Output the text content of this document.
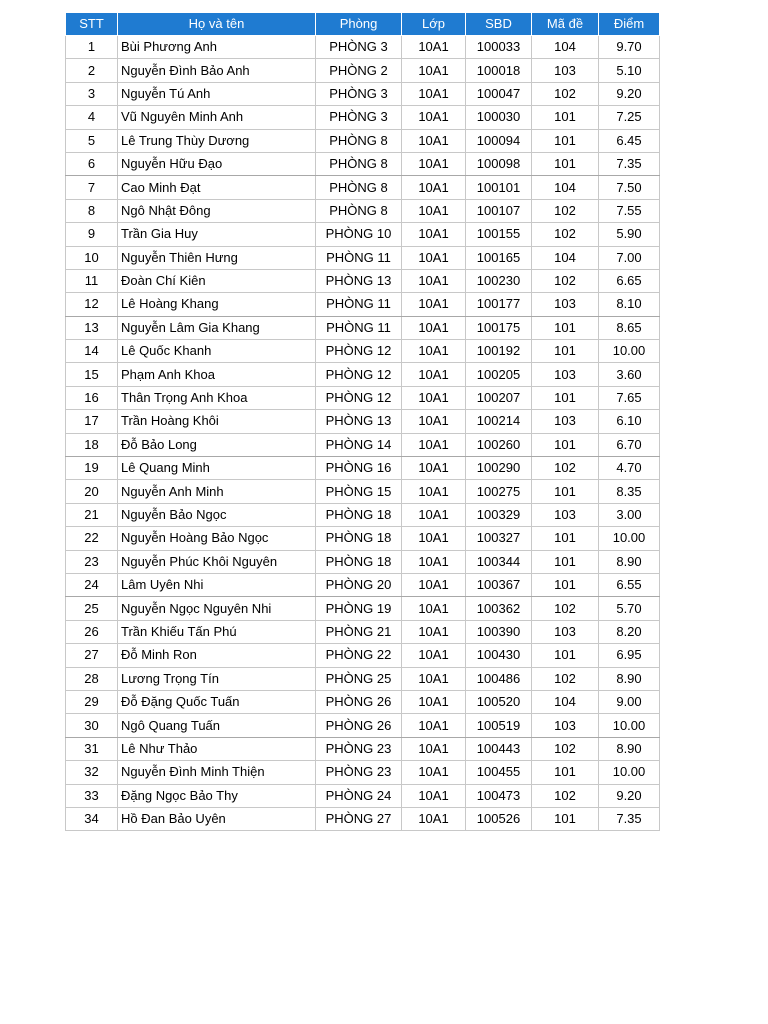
STT	Họ và tên	Phòng	Lớp	SBD	Mã đề	Điểm
1	Bùi Phương Anh	PHÒNG 3	10A1	100033	104	9.70
2	Nguyễn Đình Bảo Anh	PHÒNG 2	10A1	100018	103	5.10
3	Nguyễn Tú Anh	PHÒNG 3	10A1	100047	102	9.20
4	Vũ Nguyên Minh Anh	PHÒNG 3	10A1	100030	101	7.25
5	Lê Trung Thùy Dương	PHÒNG 8	10A1	100094	101	6.45
6	Nguyễn Hữu Đạo	PHÒNG 8	10A1	100098	101	7.35
7	Cao Minh Đạt	PHÒNG 8	10A1	100101	104	7.50
8	Ngô Nhật Đông	PHÒNG 8	10A1	100107	102	7.55
9	Trần Gia Huy	PHÒNG 10	10A1	100155	102	5.90
10	Nguyễn Thiên Hưng	PHÒNG 11	10A1	100165	104	7.00
11	Đoàn Chí Kiên	PHÒNG 13	10A1	100230	102	6.65
12	Lê Hoàng Khang	PHÒNG 11	10A1	100177	103	8.10
13	Nguyễn Lâm Gia Khang	PHÒNG 11	10A1	100175	101	8.65
14	Lê Quốc Khanh	PHÒNG 12	10A1	100192	101	10.00
15	Phạm Anh Khoa	PHÒNG 12	10A1	100205	103	3.60
16	Thân Trọng Anh Khoa	PHÒNG 12	10A1	100207	101	7.65
17	Trần Hoàng Khôi	PHÒNG 13	10A1	100214	103	6.10
18	Đỗ Bảo Long	PHÒNG 14	10A1	100260	101	6.70
19	Lê Quang Minh	PHÒNG 16	10A1	100290	102	4.70
20	Nguyễn Anh Minh	PHÒNG 15	10A1	100275	101	8.35
21	Nguyễn Bảo Ngọc	PHÒNG 18	10A1	100329	103	3.00
22	Nguyễn Hoàng Bảo Ngọc	PHÒNG 18	10A1	100327	101	10.00
23	Nguyễn Phúc Khôi Nguyên	PHÒNG 18	10A1	100344	101	8.90
24	Lâm Uyên Nhi	PHÒNG 20	10A1	100367	101	6.55
25	Nguyễn Ngọc Nguyên Nhi	PHÒNG 19	10A1	100362	102	5.70
26	Trần Khiếu Tấn Phú	PHÒNG 21	10A1	100390	103	8.20
27	Đỗ Minh Ron	PHÒNG 22	10A1	100430	101	6.95
28	Lương Trọng Tín	PHÒNG 25	10A1	100486	102	8.90
29	Đỗ Đặng Quốc Tuấn	PHÒNG 26	10A1	100520	104	9.00
30	Ngô Quang Tuấn	PHÒNG 26	10A1	100519	103	10.00
31	Lê Như Thảo	PHÒNG 23	10A1	100443	102	8.90
32	Nguyễn Đình Minh Thiện	PHÒNG 23	10A1	100455	101	10.00
33	Đặng Ngọc Bảo Thy	PHÒNG 24	10A1	100473	102	9.20
34	Hồ Đan Bảo Uyên	PHÒNG 27	10A1	100526	101	7.35
